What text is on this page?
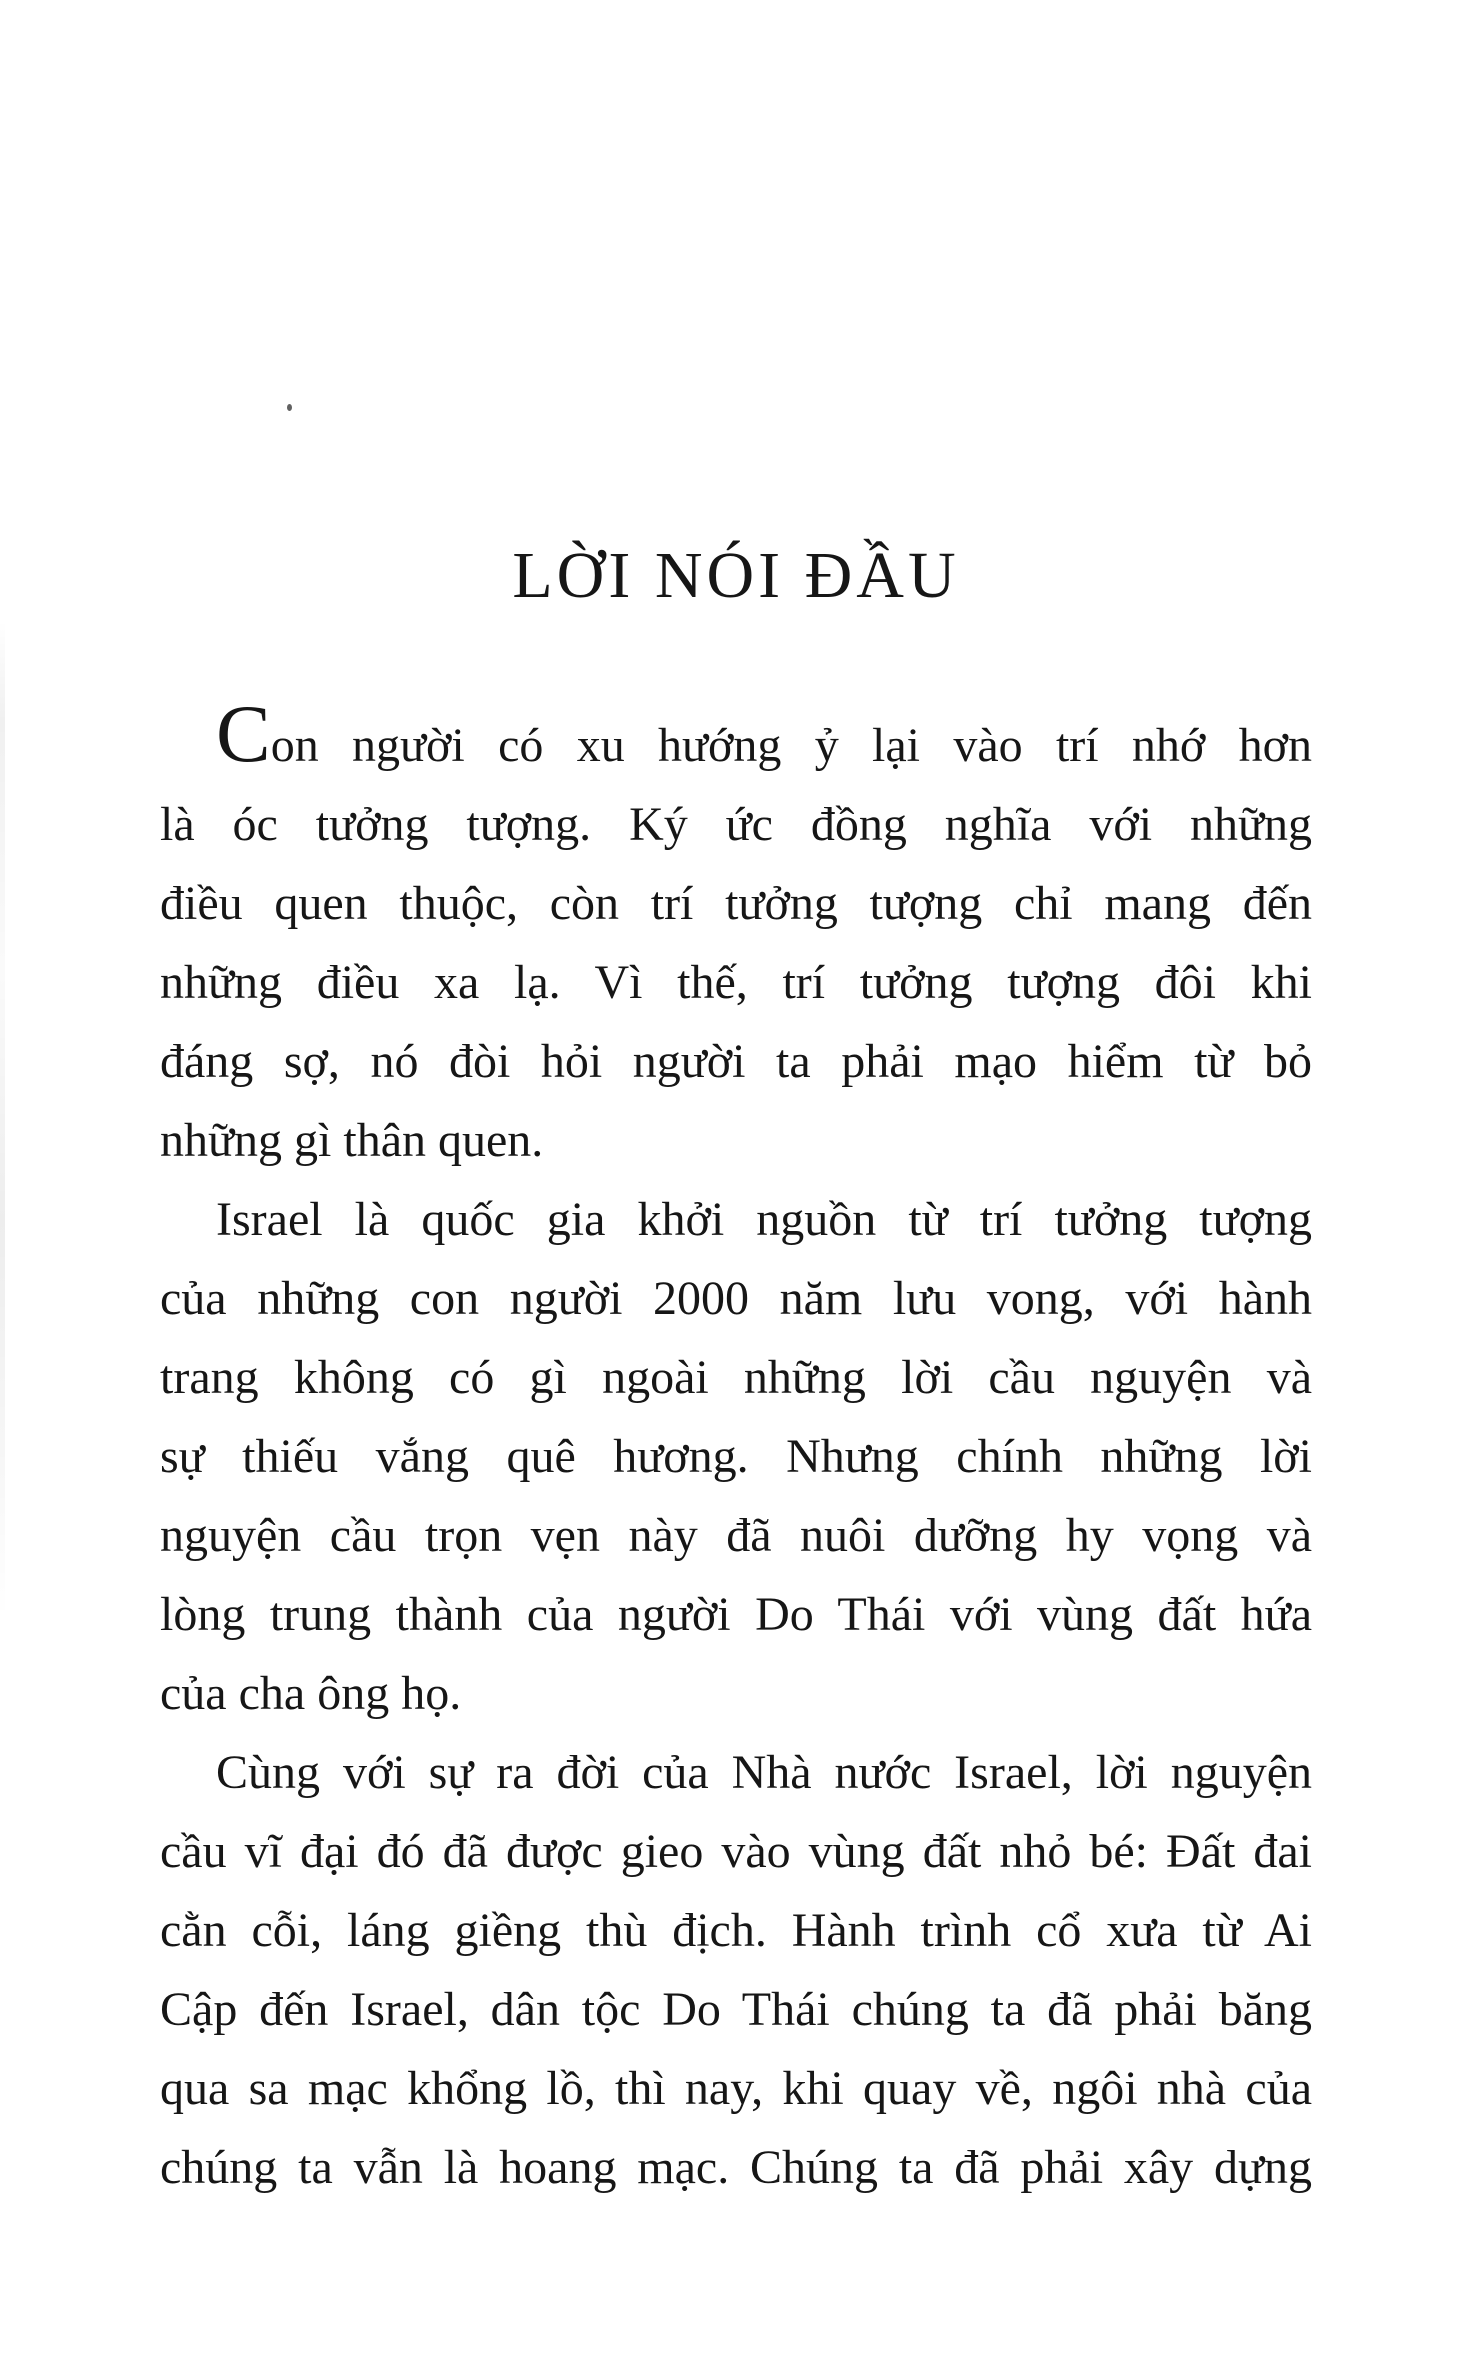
LỜI NÓI ĐẦU
Con người có xu hướng ỷ lại vào trí nhớ hơn
là óc tưởng tượng. Ký ức đồng nghĩa với những
điều quen thuộc, còn trí tưởng tượng chỉ mang đến
những điều xa lạ. Vì thế, trí tưởng tượng đôi khi
đáng sợ, nó đòi hỏi người ta phải mạo hiểm từ bỏ
những gì thân quen.
Israel là quốc gia khởi nguồn từ trí tưởng tượng
của những con người 2000 năm lưu vong, với hành
trang không có gì ngoài những lời cầu nguyện và
sự thiếu vắng quê hương. Nhưng chính những lời
nguyện cầu trọn vẹn này đã nuôi dưỡng hy vọng và
lòng trung thành của người Do Thái với vùng đất hứa
của cha ông họ.
Cùng với sự ra đời của Nhà nước Israel, lời nguyện
cầu vĩ đại đó đã được gieo vào vùng đất nhỏ bé: Đất đai
cằn cỗi, láng giềng thù địch. Hành trình cổ xưa từ Ai
Cập đến Israel, dân tộc Do Thái chúng ta đã phải băng
qua sa mạc khổng lồ, thì nay, khi quay về, ngôi nhà của
chúng ta vẫn là hoang mạc. Chúng ta đã phải xây dựng
